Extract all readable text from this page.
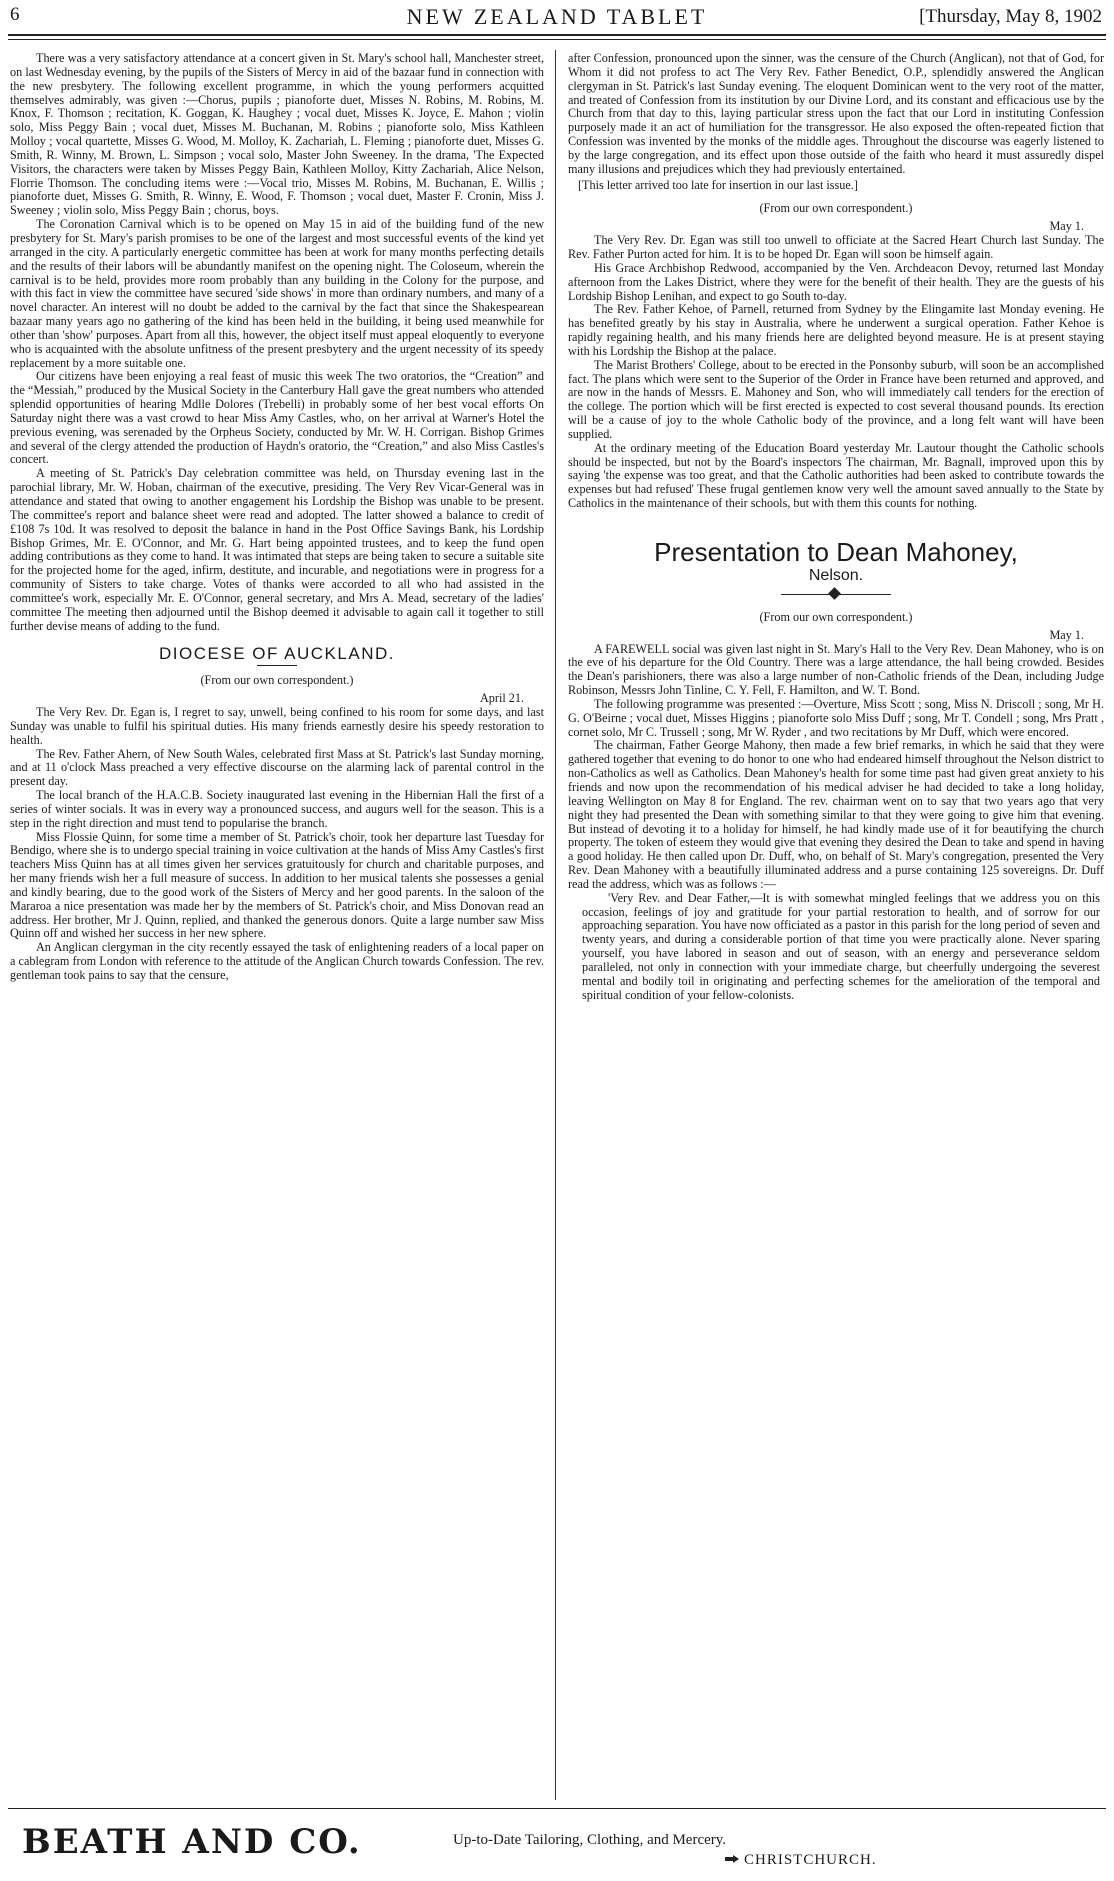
6	NEW ZEALAND TABLET	[Thursday, May 8, 1902

There was a very satisfactory attendance at a concert given in St. Mary's school hall, Manchester street, on last Wednesday evening, by the pupils of the Sisters of Mercy in aid of the bazaar fund in connection with the new presbytery. The following excellent programme, in which the young performers acquitted themselves admirably, was given :—Chorus, pupils ; pianoforte duet, Misses N. Robins, M. Robins, M. Knox, F. Thomson ; recitation, K. Goggan, K. Haughey ; vocal duet, Misses K. Joyce, E. Mahon ; violin solo, Miss Peggy Bain ; vocal duet, Misses M. Buchanan, M. Robins ; pianoforte solo, Miss Kathleen Molloy ; vocal quartette, Misses G. Wood, M. Molloy, K. Zachariah, L. Fleming ; pianoforte duet, Misses G. Smith, R. Winny, M. Brown, L. Simpson ; vocal solo, Master John Sweeney. In the drama, 'The Expected Visitors, the characters were taken by Misses Peggy Bain, Kathleen Molloy, Kitty Zachariah, Alice Nelson, Florrie Thomson. The concluding items were :—Vocal trio, Misses M. Robins, M. Buchanan, E. Willis ; pianoforte duet, Misses G. Smith, R. Winny, E. Wood, F. Thomson ; vocal duet, Master F. Cronin, Miss J. Sweeney ; violin solo, Miss Peggy Bain ; chorus, boys.

The Coronation Carnival which is to be opened on May 15 in aid of the building fund of the new presbytery for St. Mary's parish promises to be one of the largest and most successful events of the kind yet arranged in the city. A particularly energetic committee has been at work for many months perfecting details and the results of their labors will be abundantly manifest on the opening night. The Coloseum, wherein the carnival is to be held, provides more room probably than any building in the Colony for the purpose, and with this fact in view the committee have secured 'side shows' in more than ordinary numbers, and many of a novel character. An interest will no doubt be added to the carnival by the fact that since the Shakespearean bazaar many years ago no gathering of the kind has been held in the building, it being used meanwhile for other than 'show' purposes. Apart from all this, however, the object itself must appeal eloquently to everyone who is acquainted with the absolute unfitness of the present presbytery and the urgent necessity of its speedy replacement by a more suitable one.

Our citizens have been enjoying a real feast of music this week The two oratorios, the “Creation” and the “Messiah,” produced by the Musical Society in the Canterbury Hall gave the great numbers who attended splendid opportunities of hearing Mdlle Dolores (Trebelli) in probably some of her best vocal efforts On Saturday night there was a vast crowd to hear Miss Amy Castles, who, on her arrival at Warner's Hotel the previous evening, was serenaded by the Orpheus Society, conducted by Mr. W. H. Corrigan. Bishop Grimes and several of the clergy attended the production of Haydn's oratorio, the “Creation,” and also Miss Castles's concert.

A meeting of St. Patrick's Day celebration committee was held, on Thursday evening last in the parochial library, Mr. W. Hoban, chairman of the executive, presiding. The Very Rev Vicar-General was in attendance and stated that owing to another engagement his Lordship the Bishop was unable to be present. The committee's report and balance sheet were read and adopted. The latter showed a balance to credit of £108 7s 10d. It was resolved to deposit the balance in hand in the Post Office Savings Bank, his Lordship Bishop Grimes, Mr. E. O'Connor, and Mr. G. Hart being appointed trustees, and to keep the fund open adding contributions as they come to hand. It was intimated that steps are being taken to secure a suitable site for the projected home for the aged, infirm, destitute, and incurable, and negotiations were in progress for a community of Sisters to take charge. Votes of thanks were accorded to all who had assisted in the committee's work, especially Mr. E. O'Connor, general secretary, and Mrs A. Mead, secretary of the ladies' committee The meeting then adjourned until the Bishop deemed it advisable to again call it together to still further devise means of adding to the fund.

DIOCESE OF AUCKLAND.
(From our own correspondent.)
April 21.

The Very Rev. Dr. Egan is, I regret to say, unwell, being confined to his room for some days, and last Sunday was unable to fulfil his spiritual duties. His many friends earnestly desire his speedy restoration to health.

The Rev. Father Ahern, of New South Wales, celebrated first Mass at St. Patrick's last Sunday morning, and at 11 o'clock Mass preached a very effective discourse on the alarming lack of parental control in the present day.

The local branch of the H.A.C.B. Society inaugurated last evening in the Hibernian Hall the first of a series of winter socials. It was in every way a pronounced success, and augurs well for the season. This is a step in the right direction and must tend to popularise the branch.

Miss Flossie Quinn, for some time a member of St. Patrick's choir, took her departure last Tuesday for Bendigo, where she is to undergo special training in voice cultivation at the hands of Miss Amy Castles's first teachers Miss Quinn has at all times given her services gratuitously for church and charitable purposes, and her many friends wish her a full measure of success. In addition to her musical talents she possesses a genial and kindly bearing, due to the good work of the Sisters of Mercy and her good parents. In the saloon of the Mararoa a nice presentation was made her by the members of St. Patrick's choir, and Miss Donovan read an address. Her brother, Mr J. Quinn, replied, and thanked the generous donors. Quite a large number saw Miss Quinn off and wished her success in her new sphere.

An Anglican clergyman in the city recently essayed the task of enlightening readers of a local paper on a cablegram from London with reference to the attitude of the Anglican Church towards Confession. The rev. gentleman took pains to say that the censure,

after Confession, pronounced upon the sinner, was the censure of the Church (Anglican), not that of God, for Whom it did not profess to act The Very Rev. Father Benedict, O.P., splendidly answered the Anglican clergyman in St. Patrick's last Sunday evening. The eloquent Dominican went to the very root of the matter, and treated of Confession from its institution by our Divine Lord, and its constant and efficacious use by the Church from that day to this, laying particular stress upon the fact that our Lord in instituting Confession purposely made it an act of humiliation for the transgressor. He also exposed the often-repeated fiction that Confession was invented by the monks of the middle ages. Throughout the discourse was eagerly listened to by the large congregation, and its effect upon those outside of the faith who heard it must assuredly dispel many illusions and prejudices which they had previously entertained.

[This letter arrived too late for insertion in our last issue.]

(From our own correspondent.)
May 1.

The Very Rev. Dr. Egan was still too unwell to officiate at the Sacred Heart Church last Sunday. The Rev. Father Purton acted for him. It is to be hoped Dr. Egan will soon be himself again.

His Grace Archbishop Redwood, accompanied by the Ven. Archdeacon Devoy, returned last Monday afternoon from the Lakes District, where they were for the benefit of their health. They are the guests of his Lordship Bishop Lenihan, and expect to go South to-day.

The Rev. Father Kehoe, of Parnell, returned from Sydney by the Elingamite last Monday evening. He has benefited greatly by his stay in Australia, where he underwent a surgical operation. Father Kehoe is rapidly regaining health, and his many friends here are delighted beyond measure. He is at present staying with his Lordship the Bishop at the palace.

The Marist Brothers' College, about to be erected in the Ponsonby suburb, will soon be an accomplished fact. The plans which were sent to the Superior of the Order in France have been returned and approved, and are now in the hands of Messrs. E. Mahoney and Son, who will immediately call tenders for the erection of the college. The portion which will be first erected is expected to cost several thousand pounds. Its erection will be a cause of joy to the whole Catholic body of the province, and a long felt want will have been supplied.

At the ordinary meeting of the Education Board yesterday Mr. Lautour thought the Catholic schools should be inspected, but not by the Board's inspectors The chairman, Mr. Bagnall, improved upon this by saying 'the expense was too great, and that the Catholic authorities had been asked to contribute towards the expenses but had refused' These frugal gentlemen know very well the amount saved annually to the State by Catholics in the maintenance of their schools, but with them this counts for nothing.

Presentation to Dean Mahoney,
Nelson.
(From our own correspondent.)
May 1.

A FAREWELL social was given last night in St. Mary's Hall to the Very Rev. Dean Mahoney, who is on the eve of his departure for the Old Country. There was a large attendance, the hall being crowded. Besides the Dean's parishioners, there was also a large number of non-Catholic friends of the Dean, including Judge Robinson, Messrs John Tinline, C. Y. Fell, F. Hamilton, and W. T. Bond.

The following programme was presented :—Overture, Miss Scott ; song, Miss N. Driscoll ; song, Mr H. G. O'Beirne ; vocal duet, Misses Higgins ; pianoforte solo Miss Duff ; song, Mr T. Condell ; song, Mrs Pratt , cornet solo, Mr C. Trussell ; song, Mr W. Ryder , and two recitations by Mr Duff, which were encored.

The chairman, Father George Mahony, then made a few brief remarks, in which he said that they were gathered together that evening to do honor to one who had endeared himself throughout the Nelson district to non-Catholics as well as Catholics. Dean Mahoney's health for some time past had given great anxiety to his friends and now upon the recommendation of his medical adviser he had decided to take a long holiday, leaving Wellington on May 8 for England. The rev. chairman went on to say that two years ago that very night they had presented the Dean with something similar to that they were going to give him that evening. But instead of devoting it to a holiday for himself, he had kindly made use of it for beautifying the church property. The token of esteem they would give that evening they desired the Dean to take and spend in having a good holiday. He then called upon Dr. Duff, who, on behalf of St. Mary's congregation, presented the Very Rev. Dean Mahoney with a beautifully illuminated address and a purse containing 125 sovereigns. Dr. Duff read the address, which was as follows :—

'Very Rev. and Dear Father,—It is with somewhat mingled feelings that we address you on this occasion, feelings of joy and gratitude for your partial restoration to health, and of sorrow for our approaching separation. You have now officiated as a pastor in this parish for the long period of seven and twenty years, and during a considerable portion of that time you were practically alone. Never sparing yourself, you have labored in season and out of season, with an energy and perseverance seldom paralleled, not only in connection with your immediate charge, but cheerfully undergoing the severest mental and bodily toil in originating and perfecting schemes for the amelioration of the temporal and spiritual condition of your fellow-colonists.

BEATH AND CO.	Up-to-Date Tailoring, Clothing, and Mercery.
CHRISTCHURCH.
